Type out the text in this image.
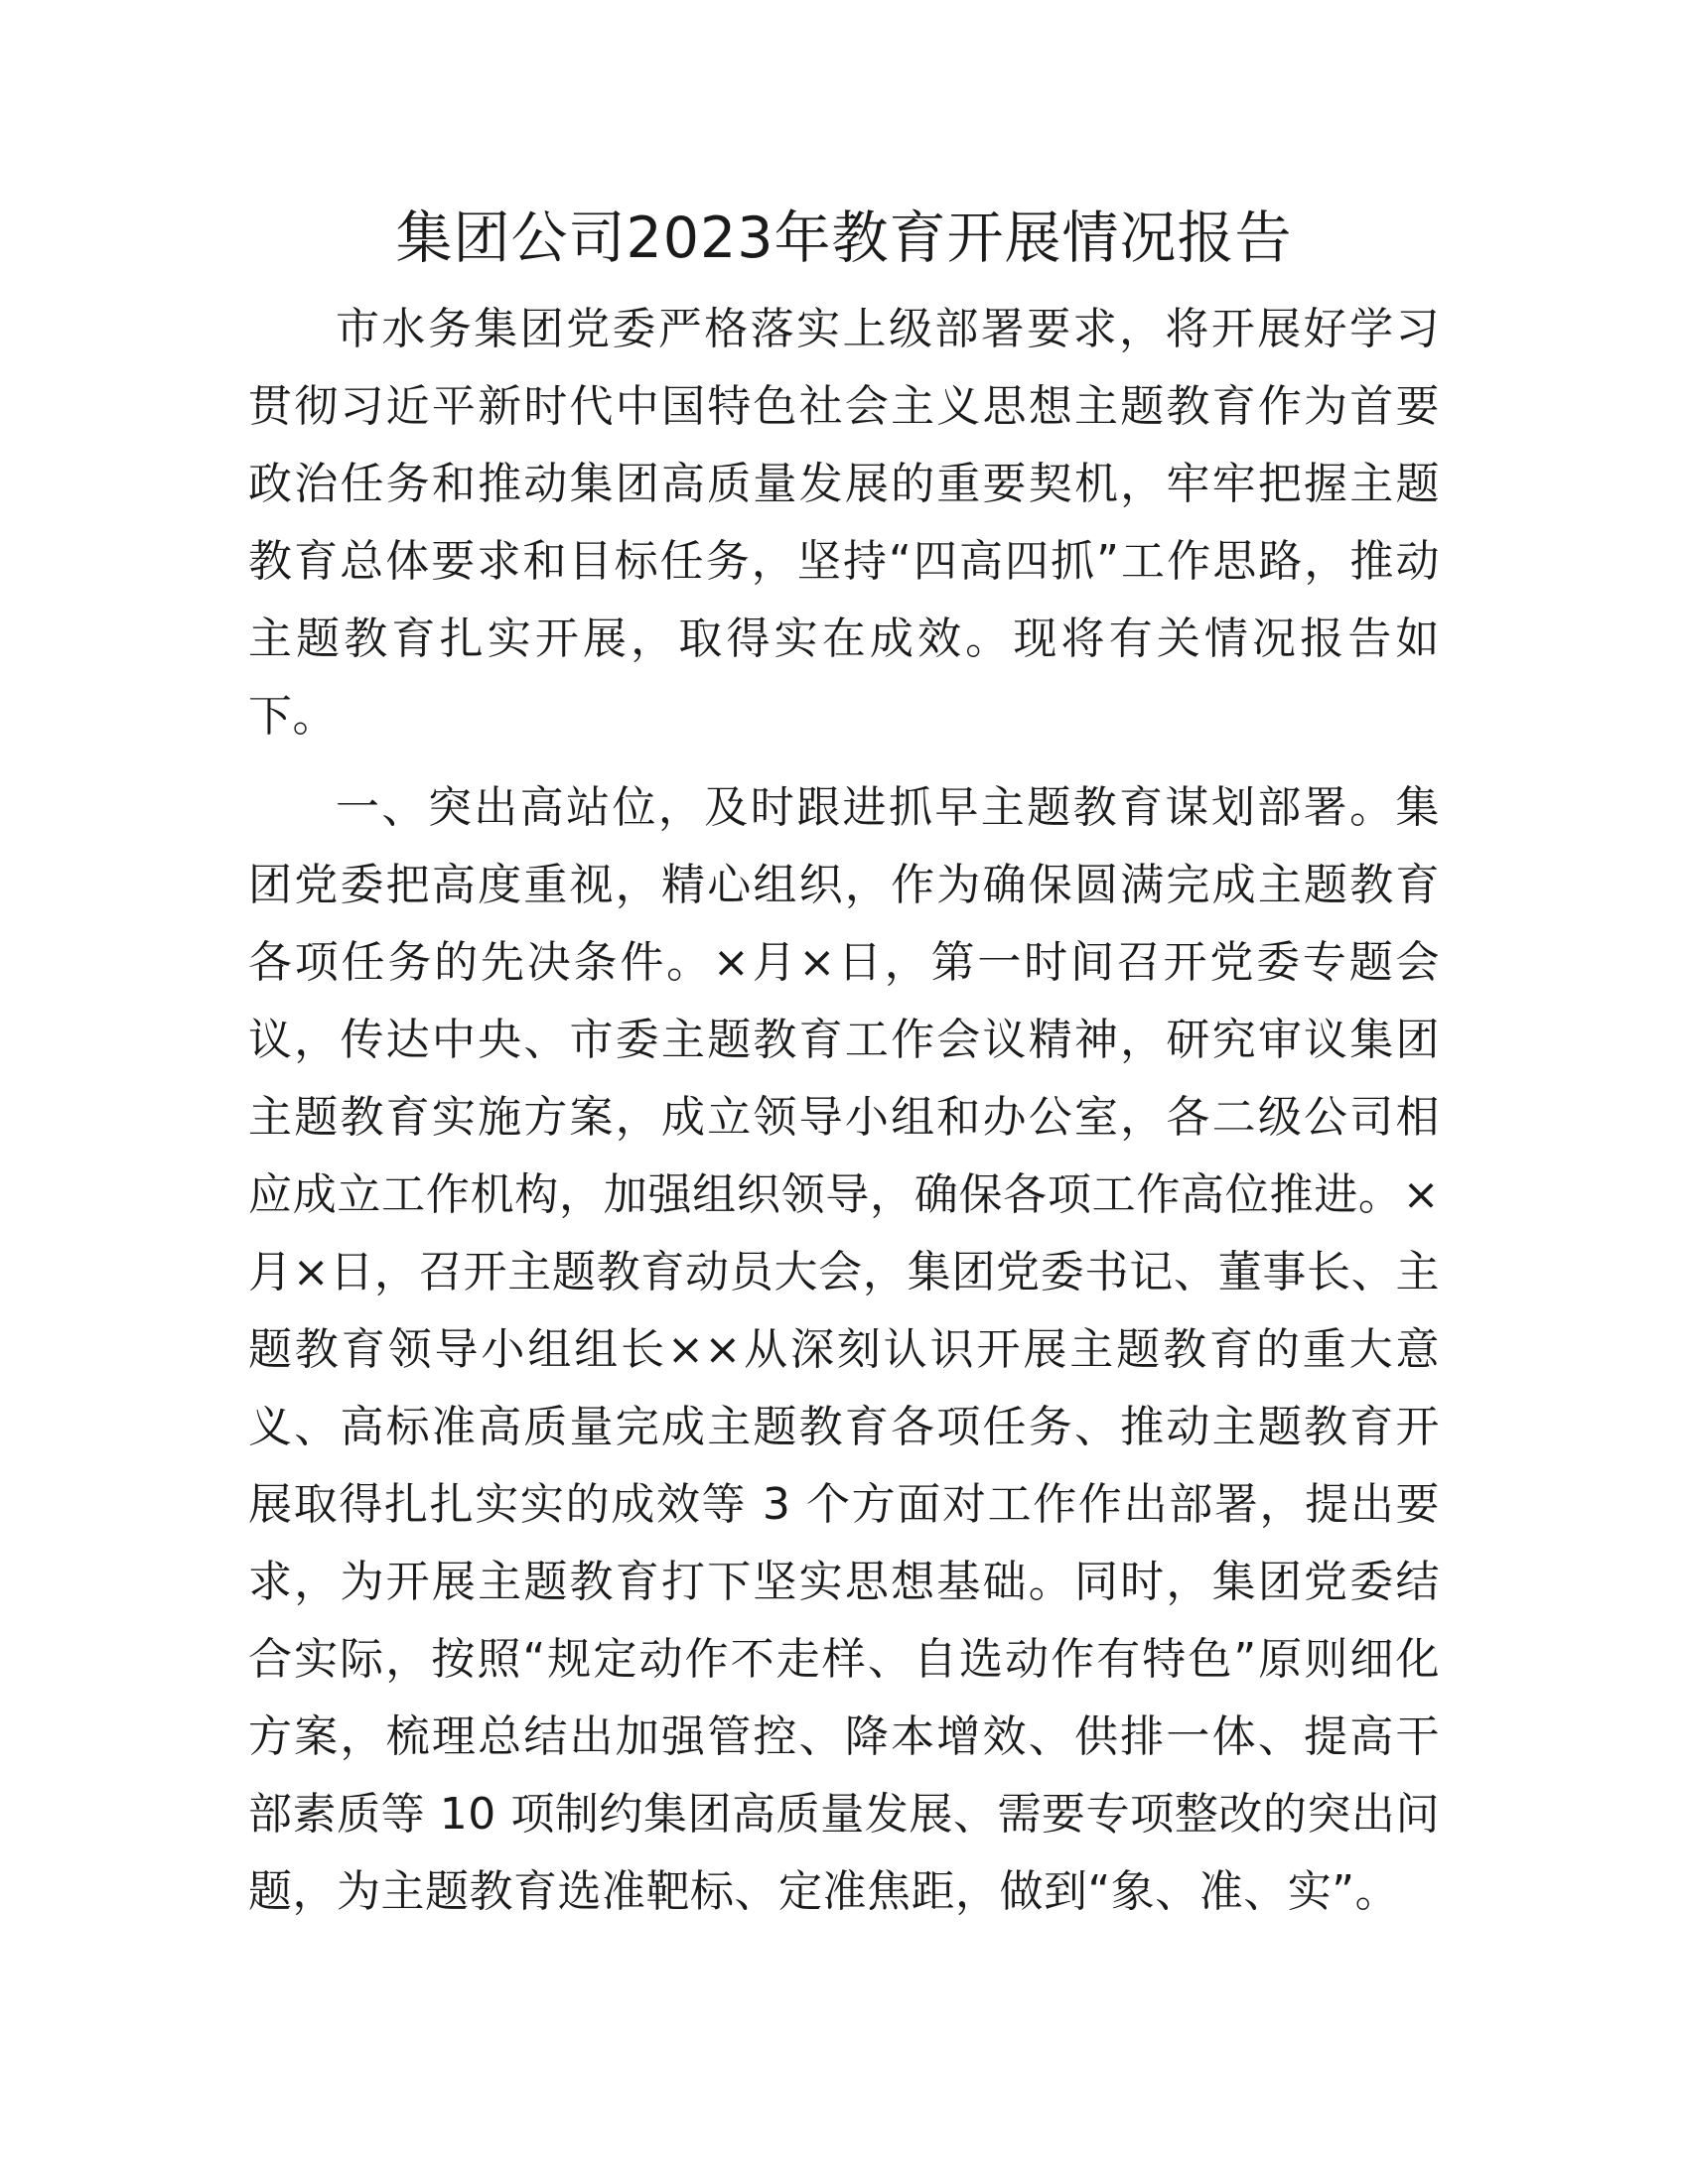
集团公司2023年教育开展情况报告

市水务集团党委严格落实上级部署要求，将开展好学习贯彻习近平新时代中国特色社会主义思想主题教育作为首要政治任务和推动集团高质量发展的重要契机，牢牢把握主题教育总体要求和目标任务，坚持“四高四抓”工作思路，推动主题教育扎实开展，取得实在成效。现将有关情况报告如下。

一、突出高站位，及时跟进抓早主题教育谋划部署。集团党委把高度重视，精心组织，作为确保圆满完成主题教育各项任务的先决条件。×月×日，第一时间召开党委专题会议，传达中央、市委主题教育工作会议精神，研究审议集团主题教育实施方案，成立领导小组和办公室，各二级公司相应成立工作机构，加强组织领导，确保各项工作高位推进。×月×日，召开主题教育动员大会，集团党委书记、董事长、主题教育领导小组组长××从深刻认识开展主题教育的重大意义、高标准高质量完成主题教育各项任务、推动主题教育开展取得扎扎实实的成效等 3 个方面对工作作出部署，提出要求，为开展主题教育打下坚实思想基础。同时，集团党委结合实际，按照“规定动作不走样、自选动作有特色”原则细化方案，梳理总结出加强管控、降本增效、供排一体、提高干部素质等 10 项制约集团高质量发展、需要专项整改的突出问题，为主题教育选准靶标、定准焦距，做到“象、准、实”。
